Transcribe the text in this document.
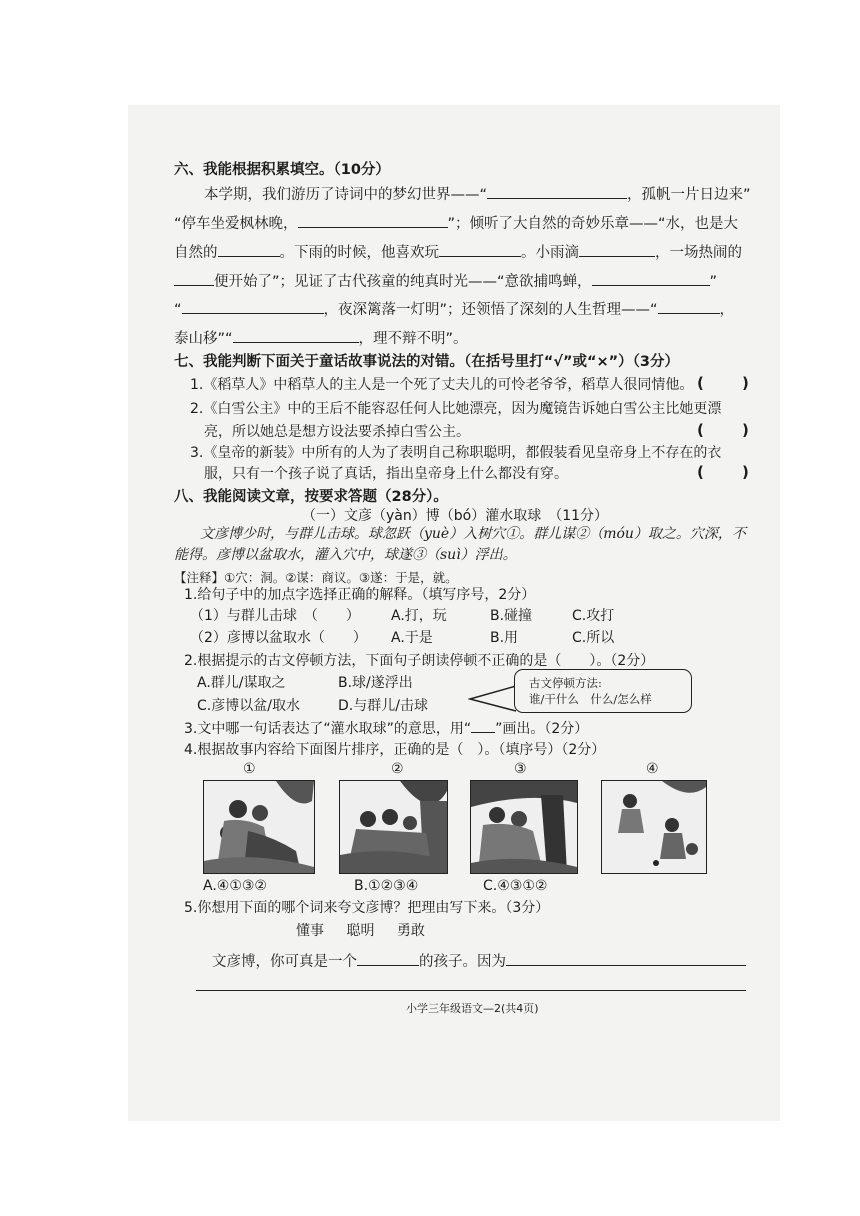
六、我能根据积累填空。（10分）
本学期，我们游历了诗词中的梦幻世界——“	，孤帆一片日边来”
“停车坐爱枫林晚，	”；倾听了大自然的奇妙乐章——“水，也是大
自然的	。下雨的时候，他喜欢玩	。小雨滴	，一场热闹的
便开始了”；见证了古代孩童的纯真时光——“意欲捕鸣蝉，	”
“	，夜深篱落一灯明”；还领悟了深刻的人生哲理——“	，
泰山移”“	，理不辩不明”。
七、我能判断下面关于童话故事说法的对错。（在括号里打“√”或“×”）（3分）
1.《稻草人》中稻草人的主人是一个死了丈夫儿的可怜老爷爷，稻草人很同情他。 (	)
2.《白雪公主》中的王后不能容忍任何人比她漂亮，因为魔镜告诉她白雪公主比她更漂
亮，所以她总是想方设法要杀掉白雪公主。	(	)
3.《皇帝的新装》中所有的人为了表明自己称职聪明，都假装看见皇帝身上不存在的衣
服，只有一个孩子说了真话，指出皇帝身上什么都没有穿。	(	)
八、我能阅读文章，按要求答题（28分）。
（一）文彦（yàn）博（bó）灌水取球　（11分）
文彦博少时，与群儿击球。球忽跃（yuè）入树穴①。群儿谋②（móu）取之。穴深，不
能得。彦博以盆取水，灌入穴中，球遂③（suì）浮出。
【注释】①穴：洞。②谋：商议。③遂：于是，就。
1.给句子中的加点字选择正确的解释。（填写序号，2分）
（1）与群儿击球　（　　） A.打，玩	B.碰撞	C.攻打
（2）彦博以盆取水（　　） A.于是	B.用	C.所以
2.根据提示的古文停顿方法，下面句子朗读停顿不正确的是（　　）。（2分）
A.群儿/谋取之	B.球/遂浮出
C.彦博以盆/取水	D.与群儿/击球
古文停顿方法:
谁/干什么　什么/怎么样
3.文中哪一句话表达了“灌水取球”的意思，用“ ”画出。（2分）
4.根据故事内容给下面图片排序，正确的是（　）。（填序号）（2分）
①	②	③	④
A.④①③②	B.①②③④	C.④③①②
5.你想用下面的哪个词来夸文彦博？把理由写下来。（3分）
懂事 聪明 勇敢
文彦博，你可真是一个	的孩子。因为
小学三年级语文—2(共4页)
